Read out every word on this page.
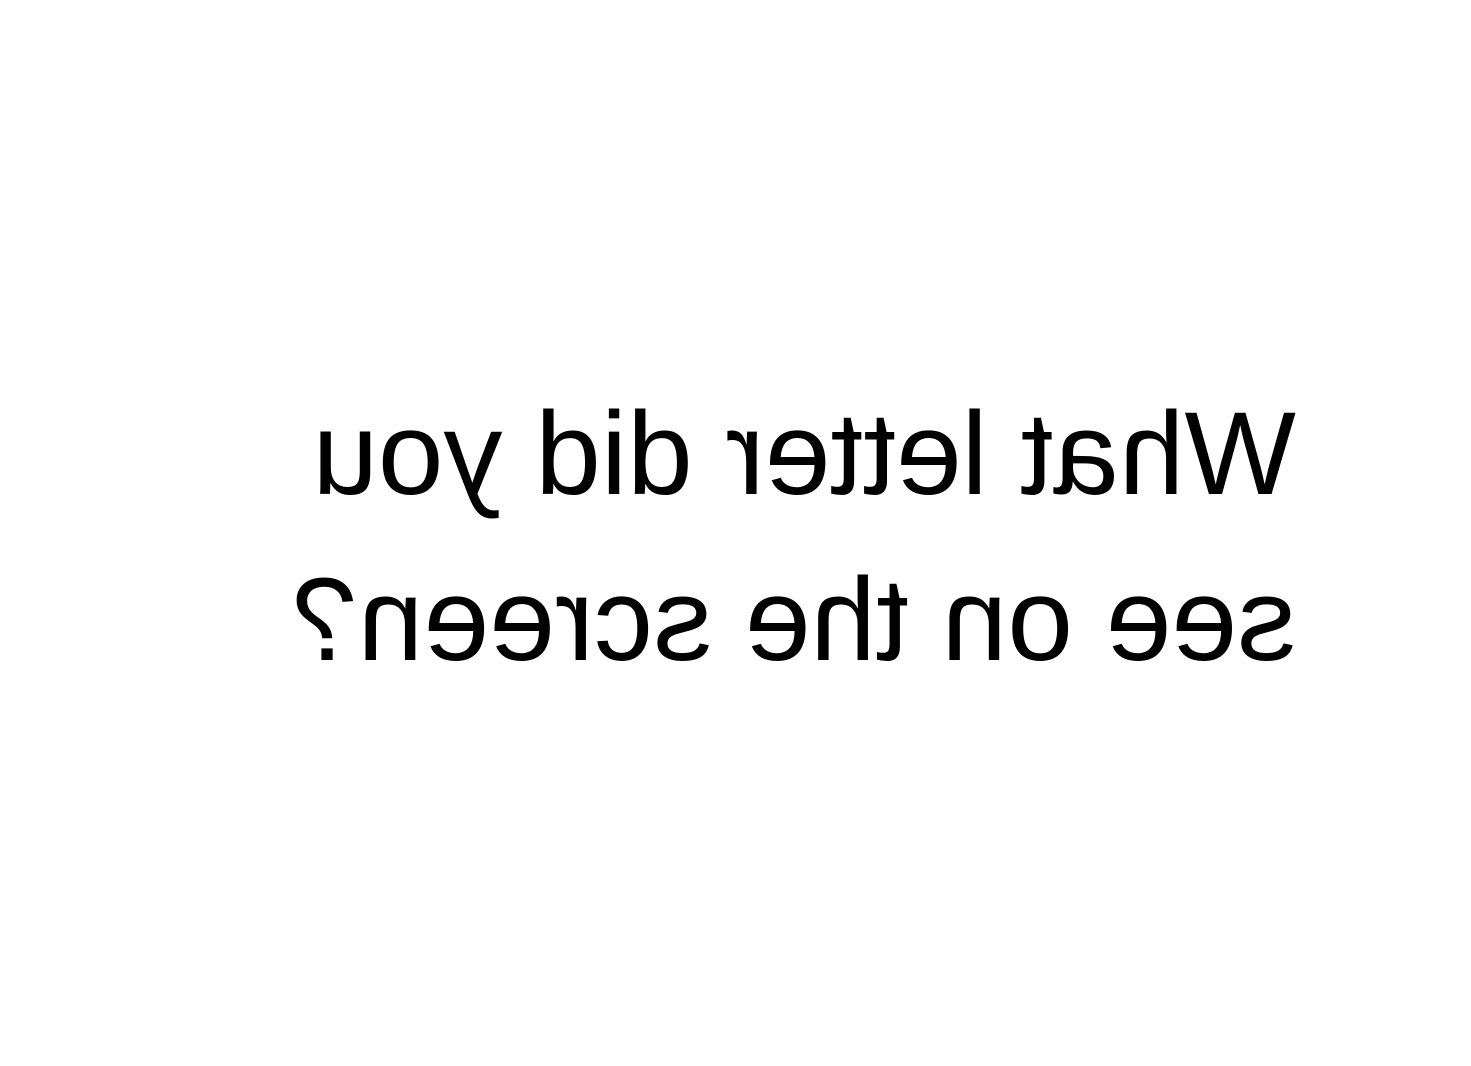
What letter did you
see on the screen?
